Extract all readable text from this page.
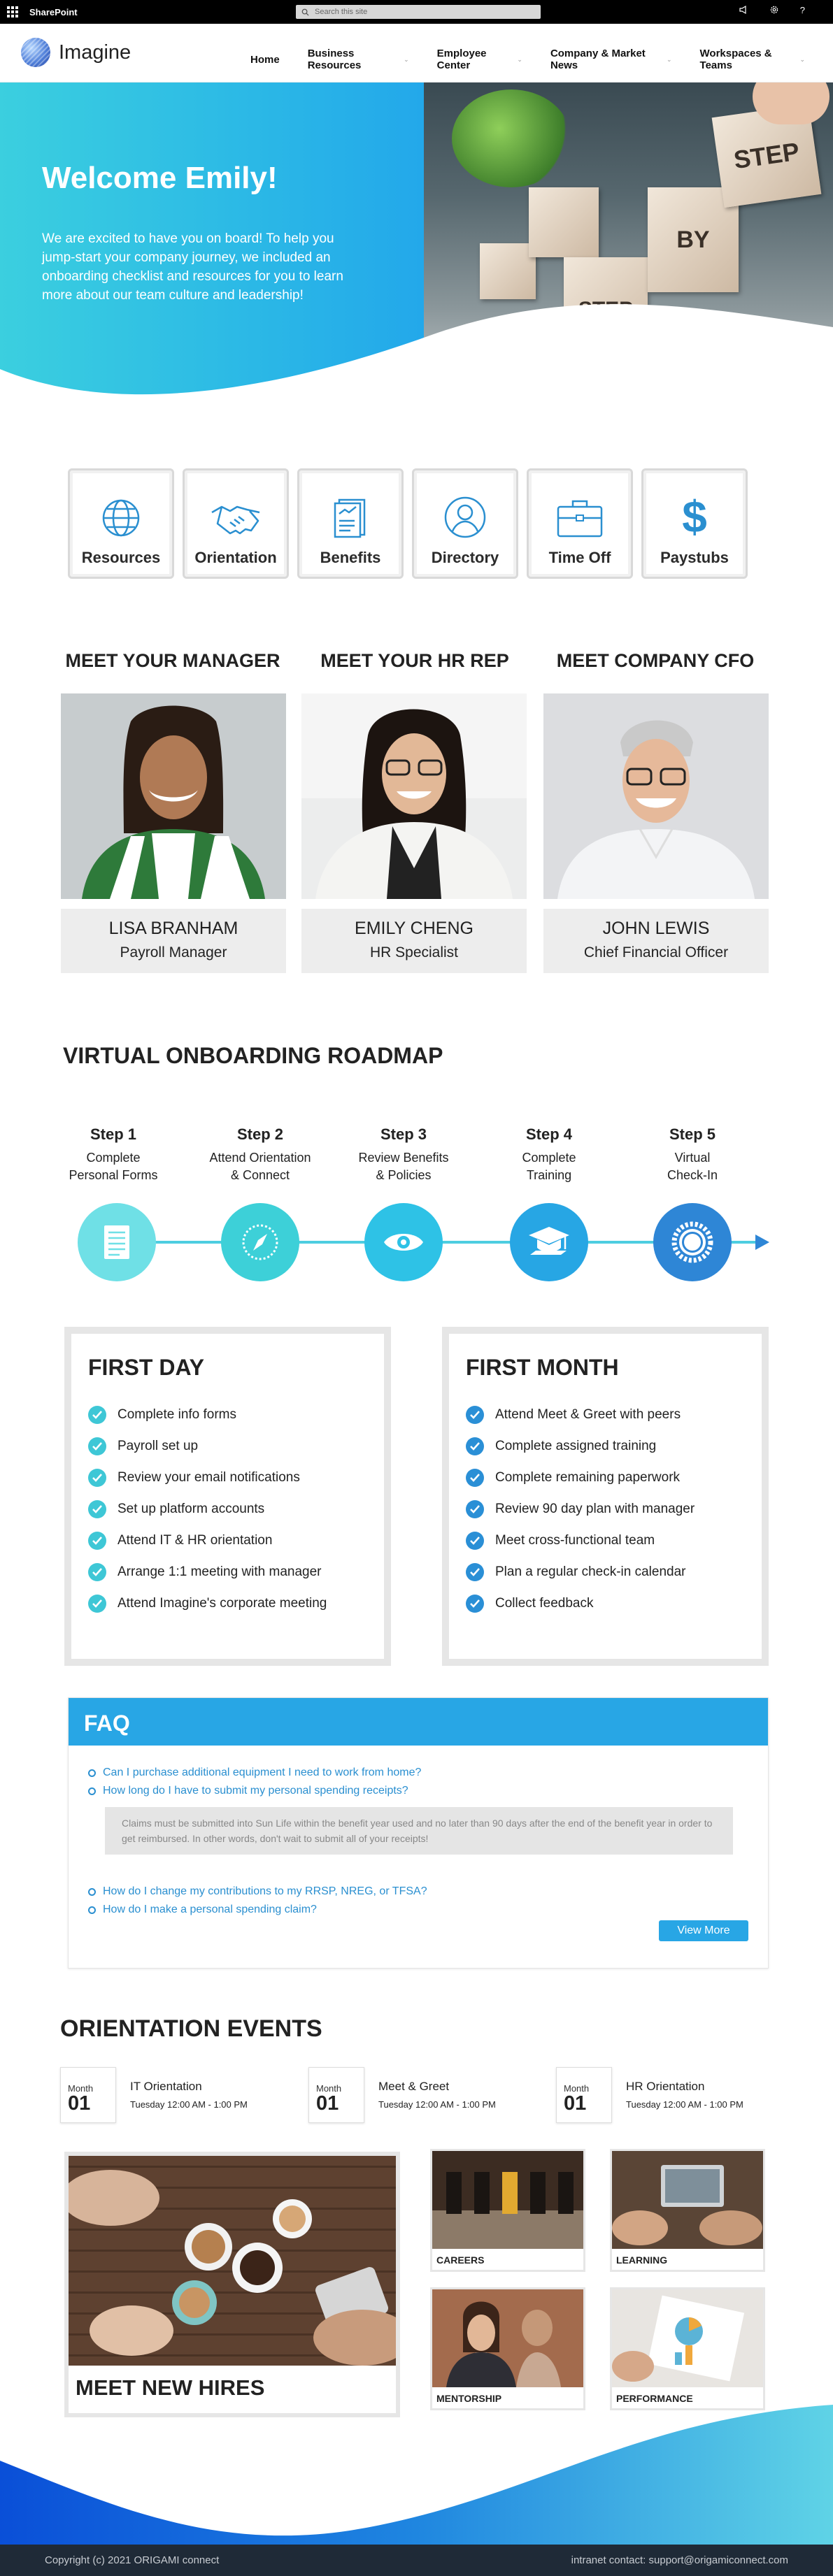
SharePoint	Search this site	?
Imagine	Home	Business Resources
⌄	Employee Center
⌄	Company & Market News
⌄	Workspaces & Teams
⌄
BY
STEP
Welcome Emily!
We are excited to have you on board! To help you jump-start your company journey, we included an onboarding checklist and resources for you to learn more about our team culture and leadership!
Resources Orientation	Benefits	Directory	Time Off
$
Paystubs
MEET YOUR MANAGER	MEET YOUR HR REP	MEET COMPANY CFO
LISA BRANHAM
Payroll Manager
EMILY CHENG
HR Specialist
JOHN LEWIS
Chief Financial Officer
VIRTUAL ONBOARDING ROADMAP
Step 1
Complete
Personal Forms
Step 2
Attend Orientation
& Connect
Step 3
Review Benefits
& Policies
Step 4
Complete
Training
Step 5
Virtual
Check-In
FIRST DAY
Complete info forms
Payroll set up
Review your email notifications
Set up platform accounts
Attend IT & HR orientation
Arrange 1:1 meeting with manager
Attend Imagine's corporate meeting
FIRST MONTH
Attend Meet & Greet with peers
Complete assigned training
Complete remaining paperwork
Review 90 day plan with manager
Meet cross-functional team
Plan a regular check-in calendar
Collect feedback
FAQ
Can I purchase additional equipment I need to work from home?
How long do I have to submit my personal spending receipts?
Claims must be submitted into Sun Life within the benefit year used and no later than 90 days after the end of the benefit year in order to get reimbursed. In other words, don't wait to submit all of your receipts!
How do I change my contributions to my RRSP, NREG, or TFSA?
How do I make a personal spending claim?
View More
ORIENTATION EVENTS
Month
01
IT Orientation
Tuesday 12:00 AM - 1:00 PM
Month
01
Meet & Greet
Tuesday 12:00 AM - 1:00 PM
Month
01
HR Orientation
Tuesday 12:00 AM - 1:00 PM
MEET NEW HIRES
CAREERS	LEARNING
MENTORSHIP	PERFORMANCE
Copyright (c) 2021 ORIGAMI connect	intranet contact: support@origamiconnect.com
